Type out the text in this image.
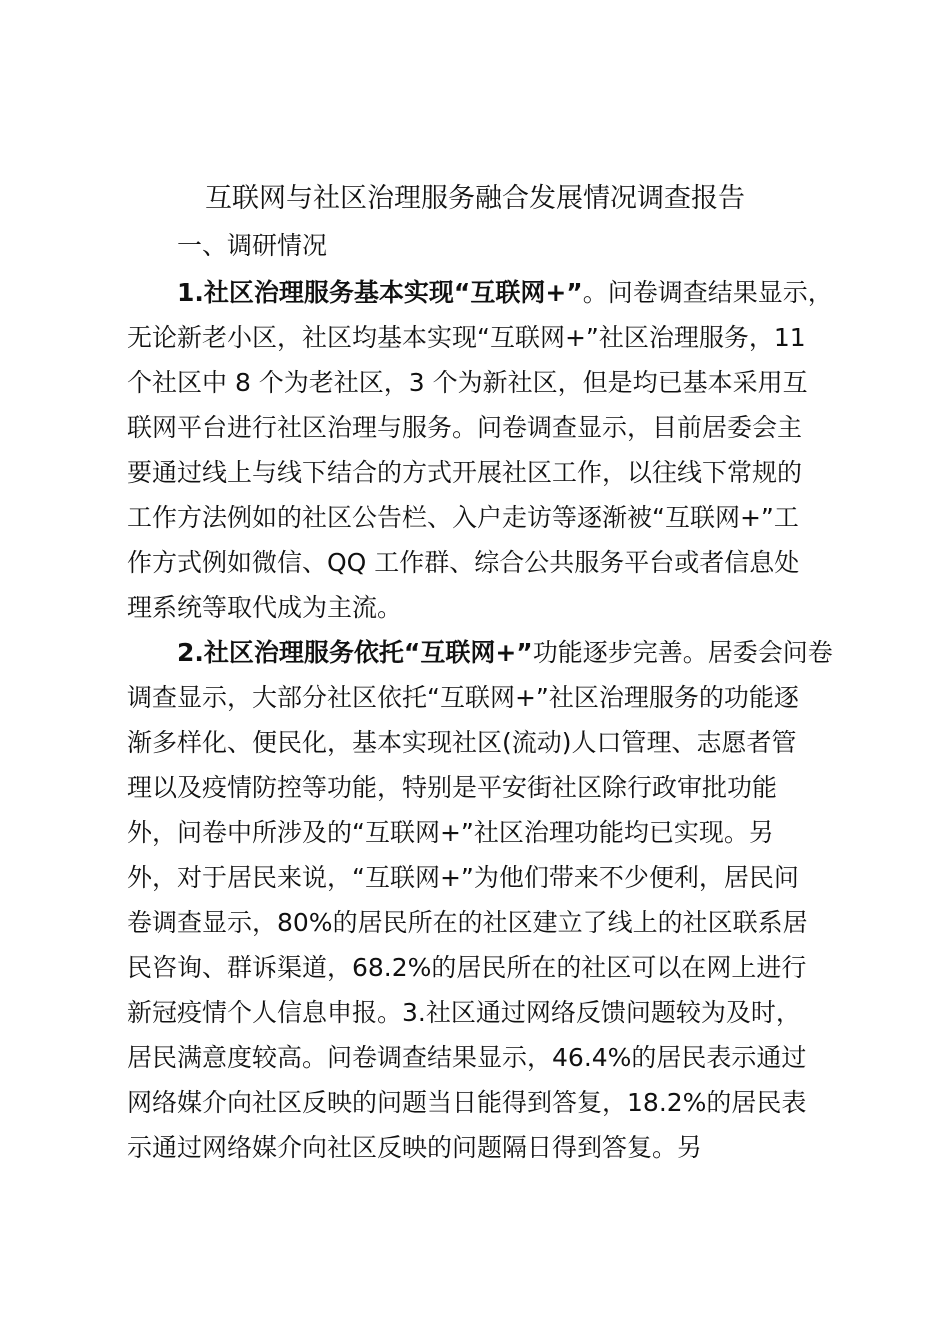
互联网与社区治理服务融合发展情况调查报告
一、调研情况
1.社区治理服务基本实现“互联网+”。问卷调查结果显示，
无论新老小区，社区均基本实现“互联网+”社区治理服务，11
个社区中 8 个为老社区，3 个为新社区，但是均已基本采用互
联网平台进行社区治理与服务。问卷调查显示，目前居委会主
要通过线上与线下结合的方式开展社区工作，以往线下常规的
工作方法例如的社区公告栏、入户走访等逐渐被“互联网+”工
作方式例如微信、QQ 工作群、综合公共服务平台或者信息处
理系统等取代成为主流。
2.社区治理服务依托“互联网+”功能逐步完善。居委会问卷
调查显示，大部分社区依托“互联网+”社区治理服务的功能逐
渐多样化、便民化，基本实现社区(流动)人口管理、志愿者管
理以及疫情防控等功能，特别是平安街社区除行政审批功能
外，问卷中所涉及的“互联网+”社区治理功能均已实现。另
外，对于居民来说，“互联网+”为他们带来不少便利，居民问
卷调查显示，80%的居民所在的社区建立了线上的社区联系居
民咨询、群诉渠道，68.2%的居民所在的社区可以在网上进行
新冠疫情个人信息申报。3.社区通过网络反馈问题较为及时，
居民满意度较高。问卷调查结果显示，46.4%的居民表示通过
网络媒介向社区反映的问题当日能得到答复，18.2%的居民表
示通过网络媒介向社区反映的问题隔日得到答复。另
